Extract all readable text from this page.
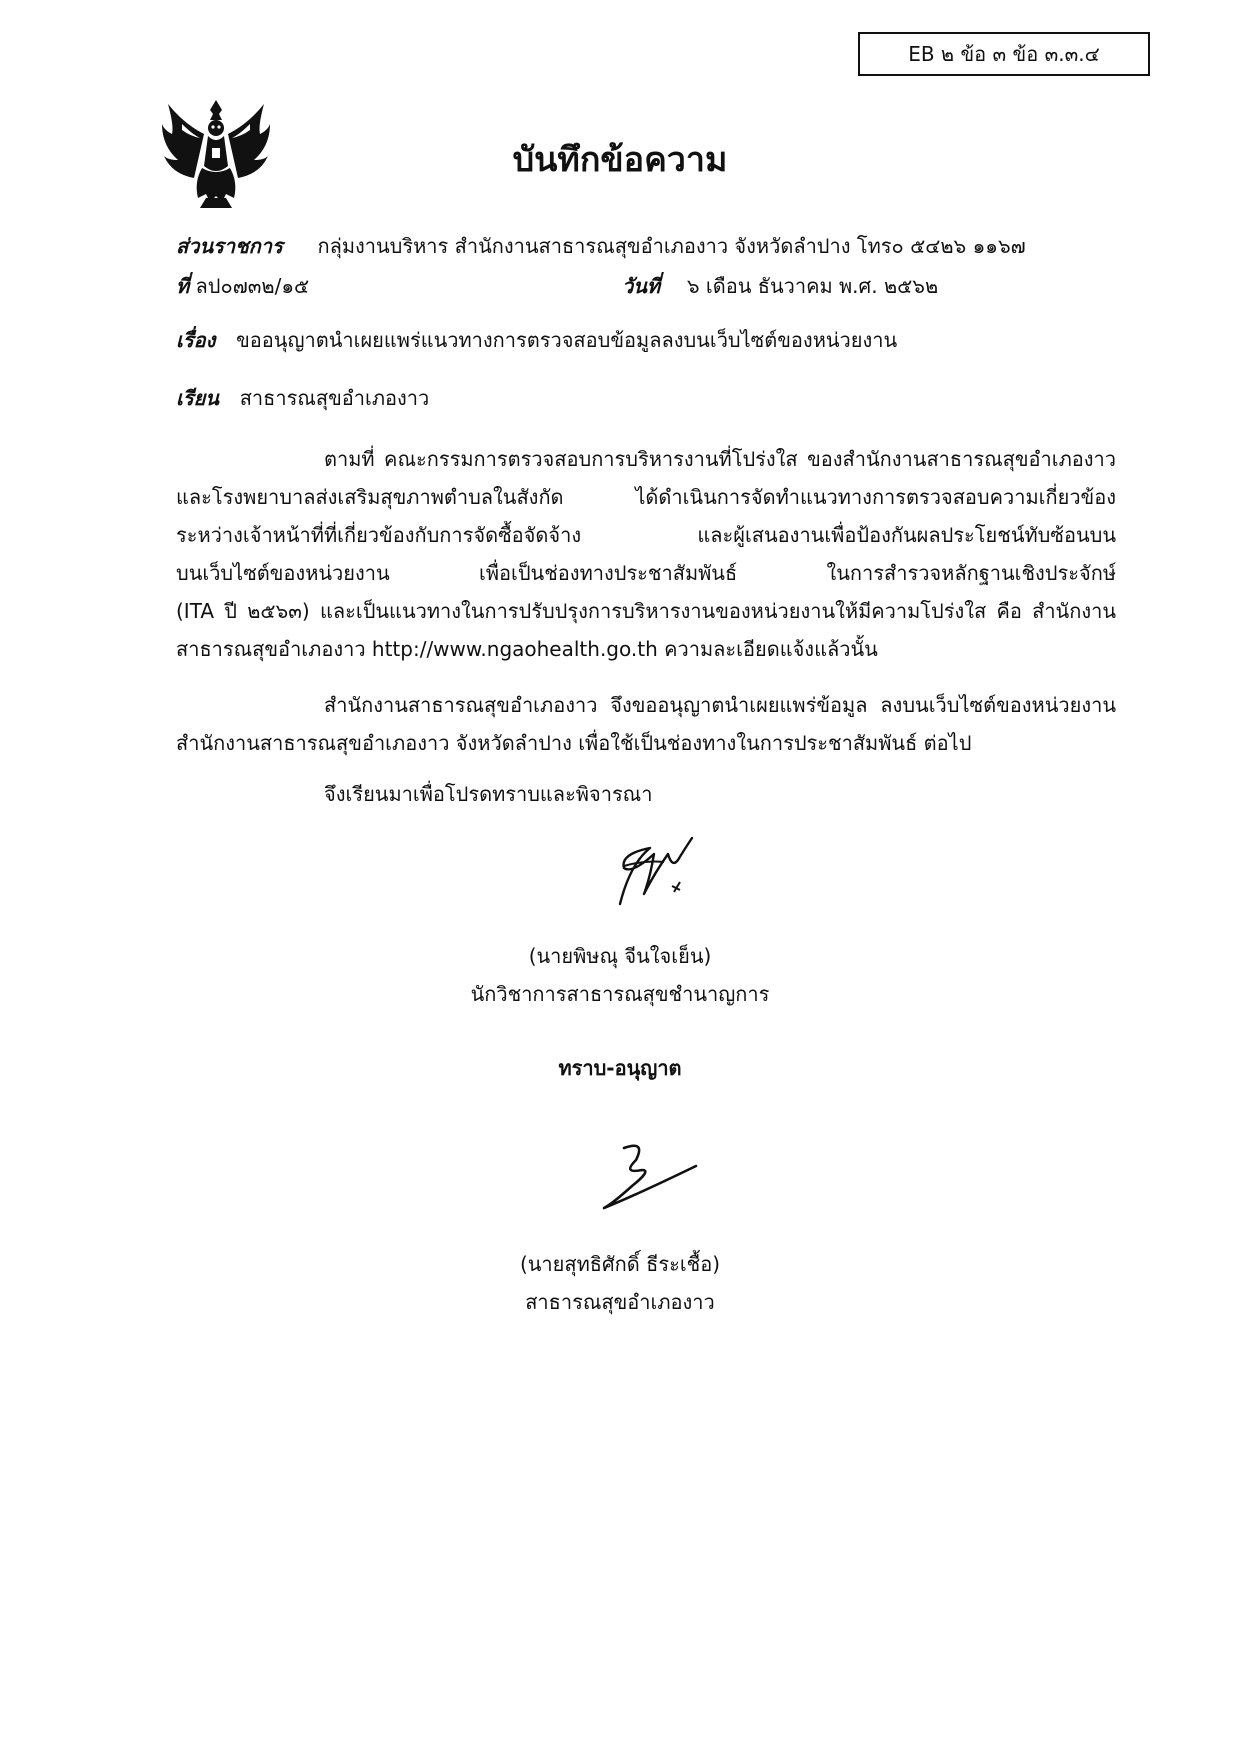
EB ๒ ข้อ ๓ ข้อ ๓.๓.๔
บันทึกข้อความ
ส่วนราชการ กลุ่มงานบริหาร สำนักงานสาธารณสุขอำเภองาว จังหวัดลำปาง โทร๐ ๕๔๒๖ ๑๑๖๗
ที่ ลป๐๗๓๒/๑๕	วันที่ ๖ เดือน ธันวาคม พ.ศ. ๒๕๖๒
เรื่อง ขออนุญาตนำเผยแพร่แนวทางการตรวจสอบข้อมูลลงบนเว็บไซต์ของหน่วยงาน
เรียน สาธารณสุขอำเภองาว
ตามที่ คณะกรรมการตรวจสอบการบริหารงานที่โปร่งใส ของสำนักงานสาธารณสุขอำเภองาว
และโรงพยาบาลส่งเสริมสุขภาพตำบลในสังกัด ได้ดำเนินการจัดทำแนวทางการตรวจสอบความเกี่ยวข้อง
ระหว่างเจ้าหน้าที่ที่เกี่ยวข้องกับการจัดซื้อจัดจ้าง และผู้เสนองานเพื่อป้องกันผลประโยชน์ทับซ้อนบน
บนเว็บไซต์ของหน่วยงาน เพื่อเป็นช่องทางประชาสัมพันธ์ ในการสำรวจหลักฐานเชิงประจักษ์
(ITA ปี ๒๕๖๓) และเป็นแนวทางในการปรับปรุงการบริหารงานของหน่วยงานให้มีความโปร่งใส คือ สำนักงาน
สาธารณสุขอำเภองาว http://www.ngaohealth.go.th ความละเอียดแจ้งแล้วนั้น
สำนักงานสาธารณสุขอำเภองาว จึงขออนุญาตนำเผยแพร่ข้อมูล ลงบนเว็บไซต์ของหน่วยงาน
สำนักงานสาธารณสุขอำเภองาว จังหวัดลำปาง เพื่อใช้เป็นช่องทางในการประชาสัมพันธ์ ต่อไป
จึงเรียนมาเพื่อโปรดทราบและพิจารณา
(นายพิษณุ จีนใจเย็น)
นักวิชาการสาธารณสุขชำนาญการ
ทราบ-อนุญาต
(นายสุทธิศักดิ์ ธีระเชื้อ)
สาธารณสุขอำเภองาว
